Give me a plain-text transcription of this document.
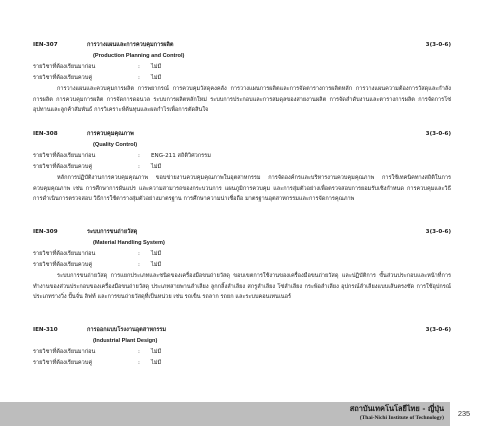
IEN-307	การวางแผนและการควบคุมการผลิต	3(3-0-6)
(Production Planning and Control)
รายวิชาที่ต้องเรียนมาก่อน	: ไม่มี
รายวิชาที่ต้องเรียนควบคู่	: ไม่มี

การวางแผนและควบคุมการผลิต การพยากรณ์ การควบคุมวัสดุคงคลัง การวางแผนการผลิตและการจัดตารางการผลิตหลัก การวางแผนความต้องการวัสดุและกำลังการผลิต การควบคุมการผลิต การจัดการดอนวล ระบบการผลิตหลักใหม่ ระบบการประกอบและการสมดุลของสายงานผลิต การจัดลำดับงานและตารางการผลิต การจัดการโซ่อุปทานและลูกค้าสัมพันธ์ การวิเคราะห์ต้นทุนและผลกำไรเพื่อการตัดสินใจ

IEN-308	การควบคุมคุณภาพ	3(3-0-6)
(Quality Control)
รายวิชาที่ต้องเรียนมาก่อน	: ENG-211 สถิติวิศวกรรม
รายวิชาที่ต้องเรียนควบคู่	: ไม่มี

หลักการปฏิบัติงานการควบคุมคุณภาพ ขอบข่ายงานควบคุมคุณภาพในอุตสาหกรรม การจัดองค์กรและบริหารงานควบคุมคุณภาพ การใช้เทคนิคทางสถิติในการควบคุมคุณภาพ เช่น การศึกษาการผันแปร และความสามารถของกระบวนการ แผนภูมิการควบคุม และการสุ่มตัวอย่างเพื่อตรวจสอบการยอมรับเชิงกำหนด การควบคุมและวิธีการดำเนินการตรวจสอบ วิธีการใช้ตารางสุ่มตัวอย่างมาตรฐาน การศึกษาความน่าเชื่อถือ มาตรฐานอุตสาหกรรมและการจัดการคุณภาพ

IEN-309	ระบบการขนถ่ายวัสดุ	3(3-0-6)
(Material Handling System)
รายวิชาที่ต้องเรียนมาก่อน	: ไม่มี
รายวิชาที่ต้องเรียนควบคู่	: ไม่มี

ระบบการขนถ่ายวัสดุ การแยกประเภทและชนิดของเครื่องมือขนถ่ายวัสดุ ขอบเขตการใช้งานของเครื่องมือขนถ่ายวัสดุ และปฏิบัติการ ขั้นส่วนประกอบและหน้าที่การทำงานของส่วนประกอบของเครื่องมือขนถ่ายวัสดุ ประเภทสายพานลำเลียง ลูกกลิ้งลำเลียง สกรูลำเลียง โซ่ลำเลียง กระพ้อลำเลียง อุปกรณ์ลำเลียงแบบเส้นตรงชัด การใช้อุปกรณ์ประเภทรางวิ่ง ปั้นจั่น ลิฟท์ และการขนถ่ายวัสดุที่เป็นหน่วย เช่น รถเข็น รถลาก รถยก และระบบคอนเทนเนอร์

IEN-310	การออกแบบโรงงานอุตสาหกรรม	3(3-0-6)
(Industrial Plant Design)
รายวิชาที่ต้องเรียนมาก่อน	: ไม่มี
รายวิชาที่ต้องเรียนควบคู่	: ไม่มี
สถาบันเทคโนโลยีไทย - ญี่ปุ่น
(Thai-Nichi Institute of Technology)	235
